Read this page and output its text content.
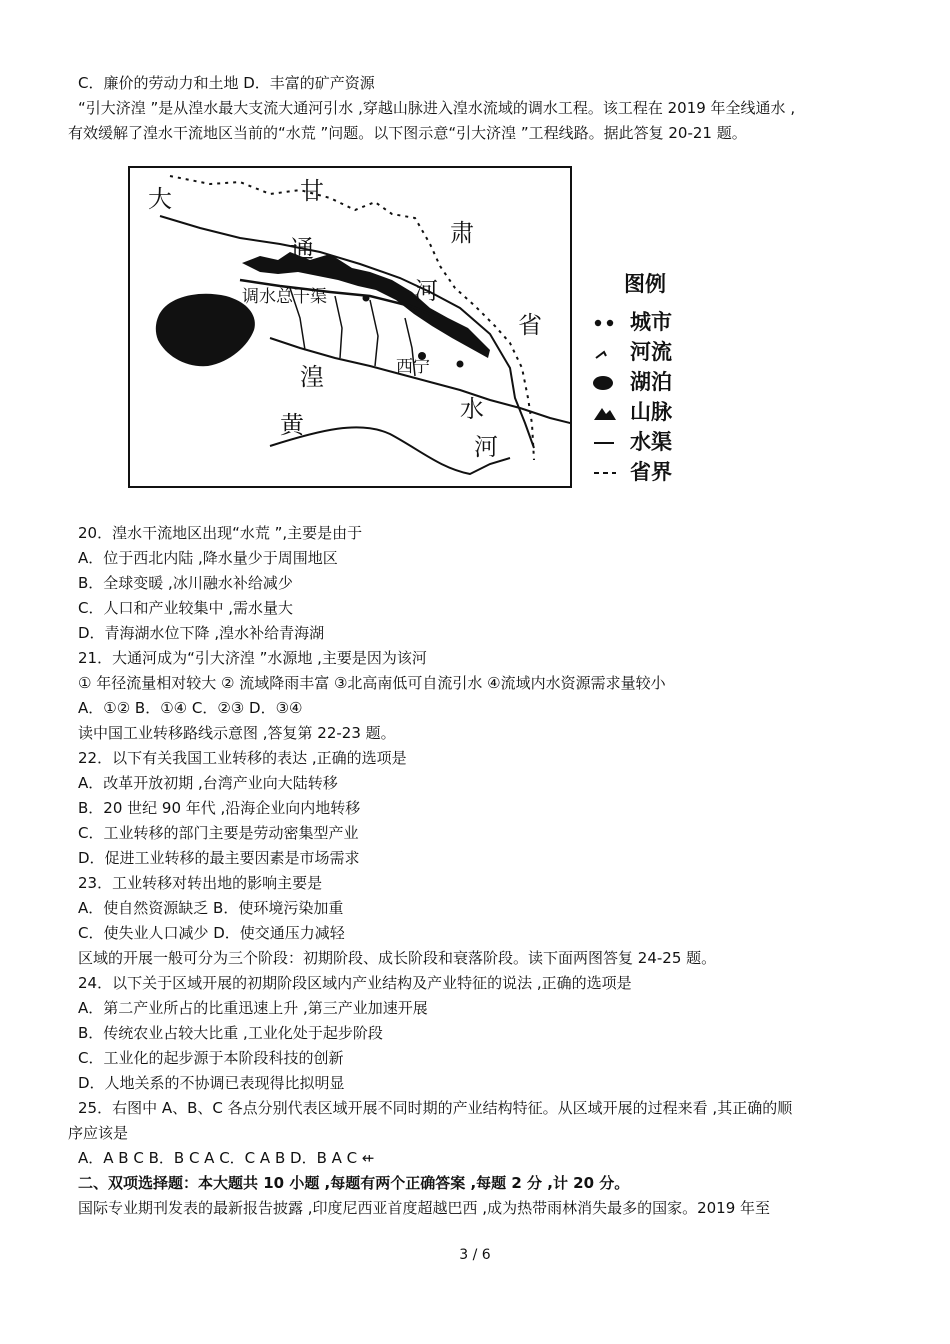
C．廉价的劳动力和土地 D．丰富的矿产资源
“引大济湟 ”是从湟水最大支流大通河引水 ,穿越山脉进入湟水流域的调水工程。该工程在 2019 年全线通水 ,
有效缓解了湟水干流地区当前的“水荒 ”问题。以下图示意“引大济湟 ”工程线路。据此答复 20-21 题。
大	甘
肃
通
调水总干渠	河
省
湟	西宁
水
黄
河
图例
城市
河流
湖泊
山脉
水渠
省界
20．湟水干流地区出现“水荒 ”,主要是由于
A．位于西北内陆 ,降水量少于周围地区
B．全球变暖 ,冰川融水补给减少
C．人口和产业较集中 ,需水量大
D．青海湖水位下降 ,湟水补给青海湖
21．大通河成为“引大济湟 ”水源地 ,主要是因为该河
① 年径流量相对较大 ② 流域降雨丰富 ③北高南低可自流引水 ④流域内水资源需求量较小
A．①② B．①④ C．②③ D．③④
读中国工业转移路线示意图 ,答复第 22-23 题。
22．以下有关我国工业转移的表达 ,正确的选项是
A．改革开放初期 ,台湾产业向大陆转移
B．20 世纪 90 年代 ,沿海企业向内地转移
C．工业转移的部门主要是劳动密集型产业
D．促进工业转移的最主要因素是市场需求
23．工业转移对转出地的影响主要是
A．使自然资源缺乏 B．使环境污染加重
C．使失业人口减少 D．使交通压力减轻
区域的开展一般可分为三个阶段：初期阶段、成长阶段和衰落阶段。读下面两图答复 24-25 题。
24．以下关于区域开展的初期阶段区域内产业结构及产业特征的说法 ,正确的选项是
A．第二产业所占的比重迅速上升 ,第三产业加速开展
B．传统农业占较大比重 ,工业化处于起步阶段
C．工业化的起步源于本阶段科技的创新
D．人地关系的不协调已表现得比拟明显
25．右图中 A、B、C 各点分别代表区域开展不同时期的产业结构特征。从区域开展的过程来看 ,其正确的顺
序应该是
A．A B C B．B C A C．C A B D．B A C ⇷
二、双项选择题：本大题共 10 小题 ,每题有两个正确答案 ,每题 2 分 ,计 20 分。
国际专业期刊发表的最新报告披露 ,印度尼西亚首度超越巴西 ,成为热带雨林消失最多的国家。2019 年至
3 / 6
